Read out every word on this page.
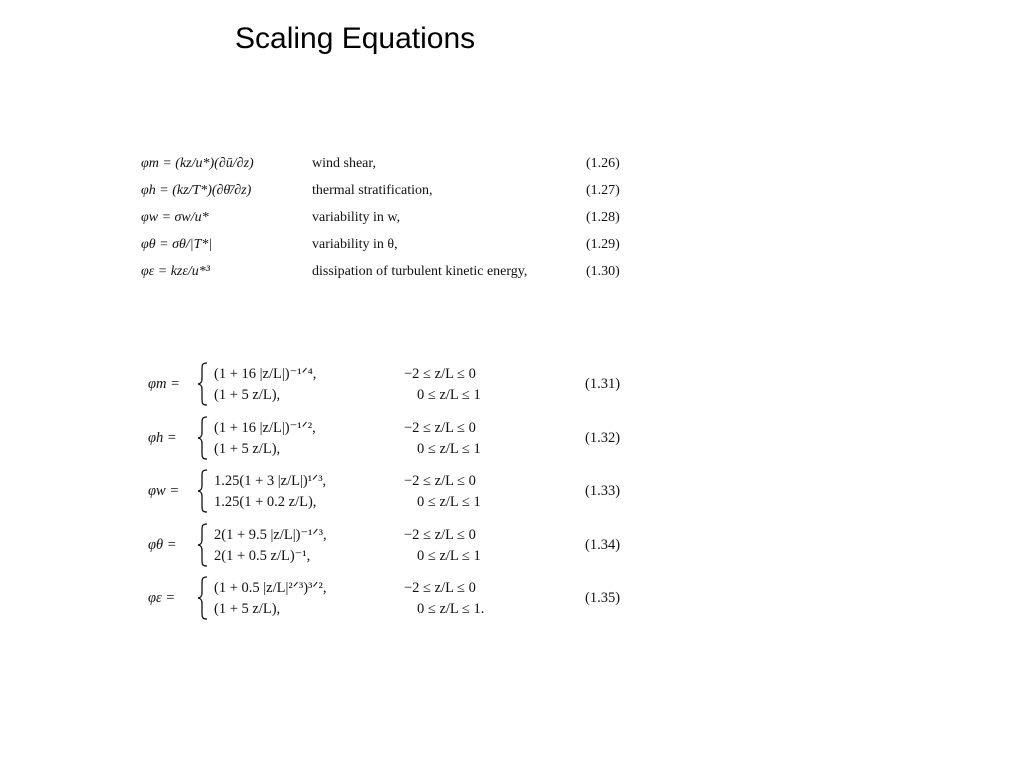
Scaling Equations
φm = (kz/u*)(∂ū/∂z)	wind shear,	(1.26)
φh = (kz/T*)(∂θ̄/∂z)	thermal stratification,	(1.27)
φw = σw/u*	variability in w,	(1.28)
φθ = σθ/|T*|	variability in θ,	(1.29)
φε = kzε/u*³	dissipation of turbulent kinetic energy,	(1.30)
φm =
(1 + 16 |z/L|)⁻¹ᐟ⁴,	−2 ≤ z/L ≤ 0
(1 + 5 z/L),	0 ≤ z/L ≤ 1
(1.31)
φh =
(1 + 16 |z/L|)⁻¹ᐟ²,	−2 ≤ z/L ≤ 0
(1 + 5 z/L),	0 ≤ z/L ≤ 1
(1.32)
φw =
1.25(1 + 3 |z/L|)¹ᐟ³,	−2 ≤ z/L ≤ 0
1.25(1 + 0.2 z/L),	0 ≤ z/L ≤ 1
(1.33)
φθ =
2(1 + 9.5 |z/L|)⁻¹ᐟ³,	−2 ≤ z/L ≤ 0
2(1 + 0.5 z/L)⁻¹,	0 ≤ z/L ≤ 1
(1.34)
φε =
(1 + 0.5 |z/L|²ᐟ³)³ᐟ²,	−2 ≤ z/L ≤ 0
(1 + 5 z/L),	0 ≤ z/L ≤ 1.
(1.35)
